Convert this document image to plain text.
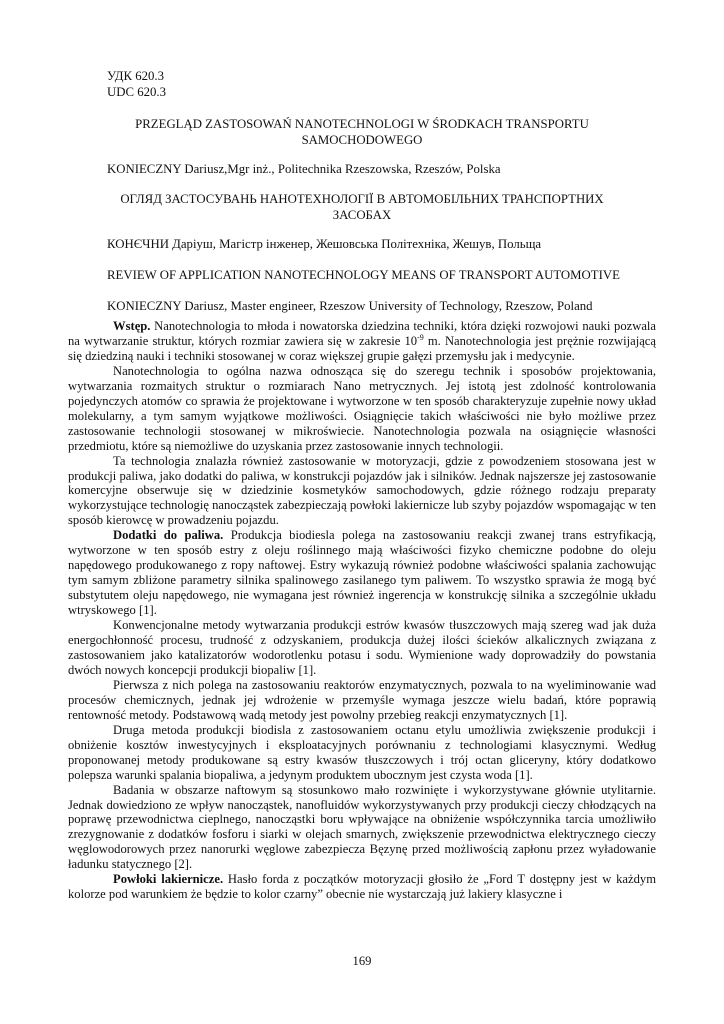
УДК 620.3
UDC 620.3
PRZEGLĄD ZASTOSOWAŃ NANOTECHNOLOGI W ŚRODKACH TRANSPORTU SAMOCHODOWEGO
KONIECZNY Dariusz,Mgr inż., Politechnika Rzeszowska, Rzeszów, Polska
ОГЛЯД ЗАСТОСУВАНЬ НАНОТЕХНОЛОГІЇ В АВТОМОБІЛЬНИХ ТРАНСПОРТНИХ ЗАСОБАХ
КОНЄЧНИ Даріуш, Магістр інженер, Жешовська Політехніка, Жешув, Польща
REVIEW OF APPLICATION NANOTECHNOLOGY MEANS OF TRANSPORT AUTOMOTIVE
KONIECZNY Dariusz, Master engineer, Rzeszow University of Technology, Rzeszow, Poland

Wstęp. Nanotechnologia to młoda i nowatorska dziedzina techniki, która dzięki rozwojowi nauki pozwala na wytwarzanie struktur, których rozmiar zawiera się w zakresie $10^{-9}$ m. Nanotechnologia jest prężnie rozwijającą się dziedziną nauki i techniki stosowanej w coraz większej grupie gałęzi przemysłu jak i medycynie.

Nanotechnologia to ogólna nazwa odnosząca się do szeregu technik i sposobów projektowania, wytwarzania rozmaitych struktur o rozmiarach Nano metrycznych. Jej istotą jest zdolność kontrolowania pojedynczych atomów co sprawia że projektowane i wytworzone w ten sposób charakteryzuje zupełnie nowy układ molekularny, a tym samym wyjątkowe możliwości. Osiągnięcie takich właściwości nie było możliwe przez zastosowanie technologii stosowanej w mikroświecie. Nanotechnologia pozwala na osiągnięcie własności przedmiotu, które są niemożliwe do uzyskania przez zastosowanie innych technologii.

Ta technologia znalazła również zastosowanie w motoryzacji, gdzie z powodzeniem stosowana jest w produkcji paliwa, jako dodatki do paliwa, w konstrukcji pojazdów jak i silników. Jednak najszersze jej zastosowanie komercyjne obserwuje się w dziedzinie kosmetyków samochodowych, gdzie różnego rodzaju preparaty wykorzystujące technologię nanocząstek zabezpieczają powłoki lakiernicze lub szyby pojazdów wspomagając w ten sposób kierowcę w prowadzeniu pojazdu.

Dodatki do paliwa. Produkcja biodiesla polega na zastosowaniu reakcji zwanej trans estryfikacją, wytworzone w ten sposób estry z oleju roślinnego mają właściwości fizyko chemiczne podobne do oleju napędowego produkowanego z ropy naftowej. Estry wykazują również podobne właściwości spalania zachowując tym samym zbliżone parametry silnika spalinowego zasilanego tym paliwem. To wszystko sprawia że mogą być substytutem oleju napędowego, nie wymagana jest również ingerencja w konstrukcję silnika a szczególnie układu wtryskowego [1].

Konwencjonalne metody wytwarzania produkcji estrów kwasów tłuszczowych mają szereg wad jak duża energochłonność procesu, trudność z odzyskaniem, produkcja dużej ilości ścieków alkalicznych związana z zastosowaniem jako katalizatorów wodorotlenku potasu i sodu. Wymienione wady doprowadziły do powstania dwóch nowych koncepcji produkcji biopaliw [1].

Pierwsza z nich polega na zastosowaniu reaktorów enzymatycznych, pozwala to na wyeliminowanie wad procesów chemicznych, jednak jej wdrożenie w przemyśle wymaga jeszcze wielu badań, które poprawią rentowność metody. Podstawową wadą metody jest powolny przebieg reakcji enzymatycznych [1].

Druga metoda produkcji biodisla z zastosowaniem octanu etylu umożliwia zwiększenie produkcji i obniżenie kosztów inwestycyjnych i eksploatacyjnych porównaniu z technologiami klasycznymi. Według proponowanej metody produkowane są estry kwasów tłuszczowych i trój octan gliceryny, który dodatkowo polepsza warunki spalania biopaliwa, a jedynym produktem ubocznym jest czysta woda [1].

Badania w obszarze naftowym są stosunkowo mało rozwinięte i wykorzystywane głównie utylitarnie. Jednak dowiedziono ze wpływ nanocząstek, nanofluidów wykorzystywanych przy produkcji cieczy chłodzących na poprawę przewodnictwa cieplnego, nanocząstki boru wpływające na obniżenie współczynnika tarcia umożliwiło zrezygnowanie z dodatków fosforu i siarki w olejach smarnych, zwiększenie przewodnictwa elektrycznego cieczy węglowodorowych przez nanorurki węglowe zabezpiecza Bęzynę przed możliwością zapłonu przez wyładowanie ładunku statycznego [2].

Powłoki lakiernicze. Hasło forda z początków motoryzacji głosiło że „Ford T dostępny jest w każdym kolorze pod warunkiem że będzie to kolor czarny” obecnie nie wystarczają już lakiery klasyczne i

169
